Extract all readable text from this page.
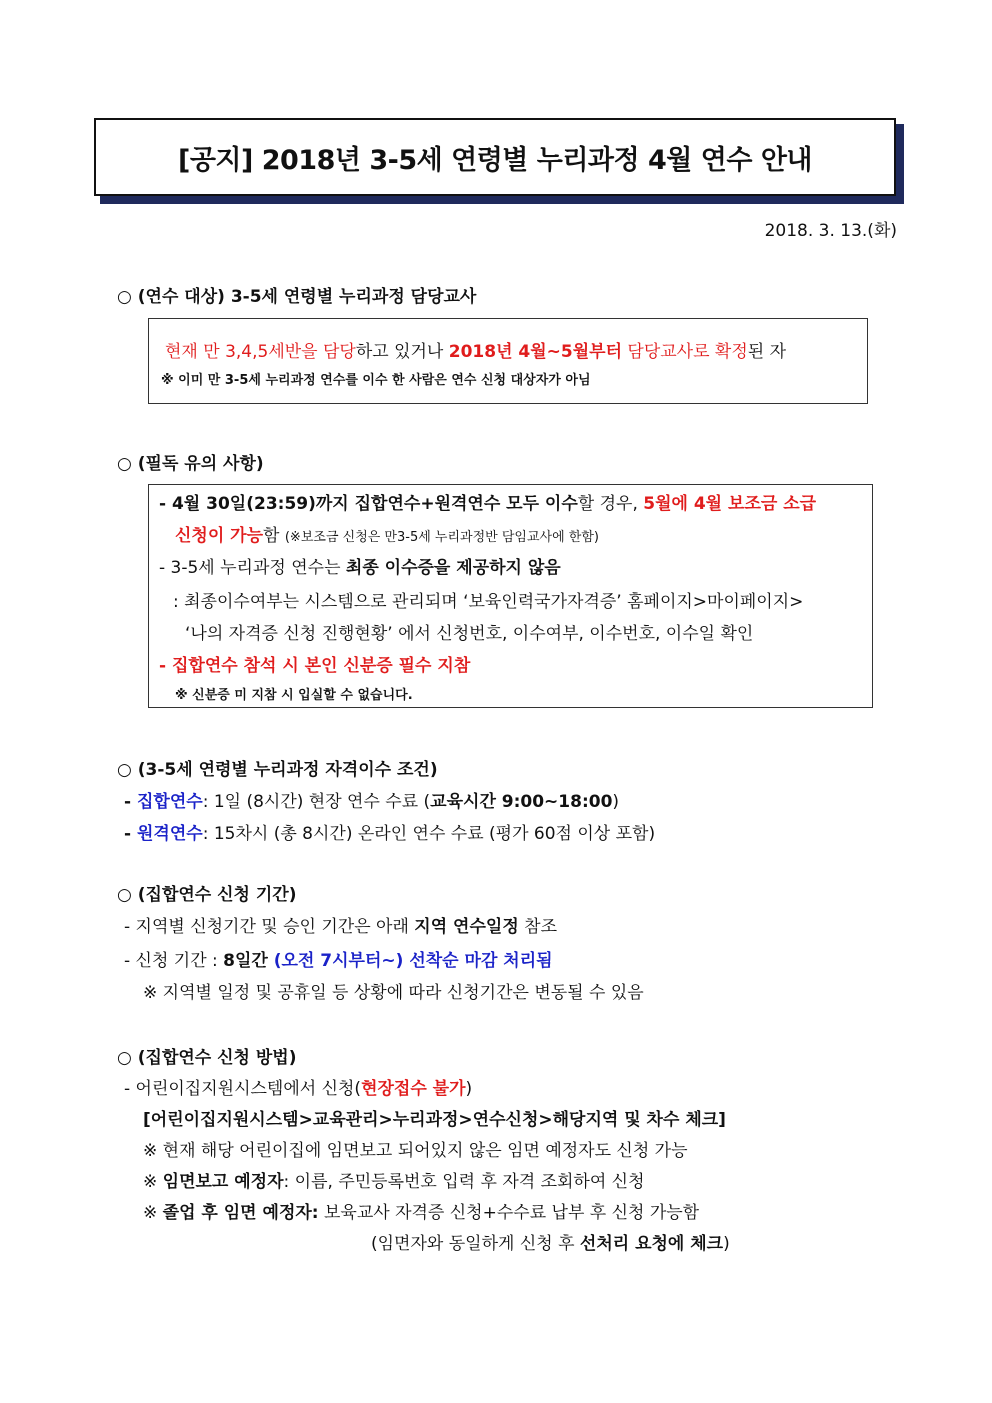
[공지] 2018년 3-5세 연령별 누리과정 4월 연수 안내
2018. 3. 13.(화)
○ (연수 대상) 3-5세 연령별 누리과정 담당교사
현재 만 3,4,5세반을 담당하고 있거나 2018년 4월~5월부터 담당교사로 확정된 자
※ 이미 만 3-5세 누리과정 연수를 이수 한 사람은 연수 신청 대상자가 아님
○ (필독 유의 사항)
- 4월 30일(23:59)까지 집합연수+원격연수 모두 이수할 경우, 5월에 4월 보조금 소급
신청이 가능함 (※보조금 신청은 만3-5세 누리과정반 담임교사에 한함)
- 3-5세 누리과정 연수는 최종 이수증을 제공하지 않음
: 최종이수여부는 시스템으로 관리되며 ‘보육인력국가자격증’ 홈페이지>마이페이지>
‘나의 자격증 신청 진행현황’ 에서 신청번호, 이수여부, 이수번호, 이수일 확인
- 집합연수 참석 시 본인 신분증 필수 지참
※ 신분증 미 지참 시 입실할 수 없습니다.
○ (3-5세 연령별 누리과정 자격이수 조건)
- 집합연수: 1일 (8시간) 현장 연수 수료 (교육시간 9:00~18:00)
- 원격연수: 15차시 (총 8시간) 온라인 연수 수료 (평가 60점 이상 포함)
○ (집합연수 신청 기간)
- 지역별 신청기간 및 승인 기간은 아래 지역 연수일정 참조
- 신청 기간 : 8일간 (오전 7시부터~) 선착순 마감 처리됨
※ 지역별 일정 및 공휴일 등 상황에 따라 신청기간은 변동될 수 있음
○ (집합연수 신청 방법)
- 어린이집지원시스템에서 신청(현장접수 불가)
[어린이집지원시스템>교육관리>누리과정>연수신청>해당지역 및 차수 체크]
※ 현재 해당 어린이집에 임면보고 되어있지 않은 임면 예정자도 신청 가능
※ 임면보고 예정자: 이름, 주민등록번호 입력 후 자격 조회하여 신청
※ 졸업 후 임면 예정자: 보육교사 자격증 신청+수수료 납부 후 신청 가능함
(임면자와 동일하게 신청 후 선처리 요청에 체크)
